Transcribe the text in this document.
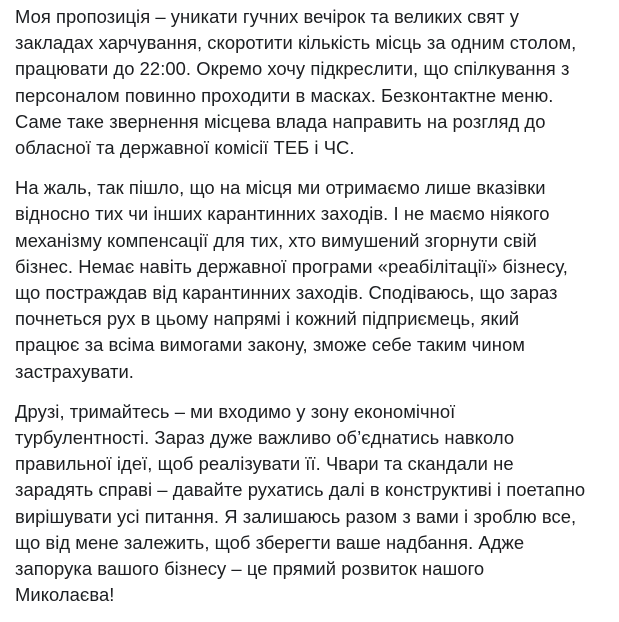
Моя пропозиція – уникати гучних вечірок та великих свят у
закладах харчування, скоротити кількість місць за одним столом,
працювати до 22:00. Окремо хочу підкреслити, що спілкування з
персоналом повинно проходити в масках. Безконтактне меню.
Саме таке звернення місцева влада направить на розгляд до
обласної та державної комісії ТЕБ і ЧС.

На жаль, так пішло, що на місця ми отримаємо лише вказівки
відносно тих чи інших карантинних заходів. І не маємо ніякого
механізму компенсації для тих, хто вимушений згорнути свій
бізнес. Немає навіть державної програми «реабілітації» бізнесу,
що постраждав від карантинних заходів. Сподіваюсь, що зараз
почнеться рух в цьому напрямі і кожний підприємець, який
працює за всіма вимогами закону, зможе себе таким чином
застрахувати.

Друзі, тримайтесь – ми входимо у зону економічної
турбулентності. Зараз дуже важливо об’єднатись навколо
правильної ідеї, щоб реалізувати її. Чвари та скандали не
зарадять справі – давайте рухатись далі в конструктиві і поетапно
вирішувати усі питання. Я залишаюсь разом з вами і зроблю все,
що від мене залежить, щоб зберегти ваше надбання. Адже
запорука вашого бізнесу – це прямий розвиток нашого
Миколаєва!
